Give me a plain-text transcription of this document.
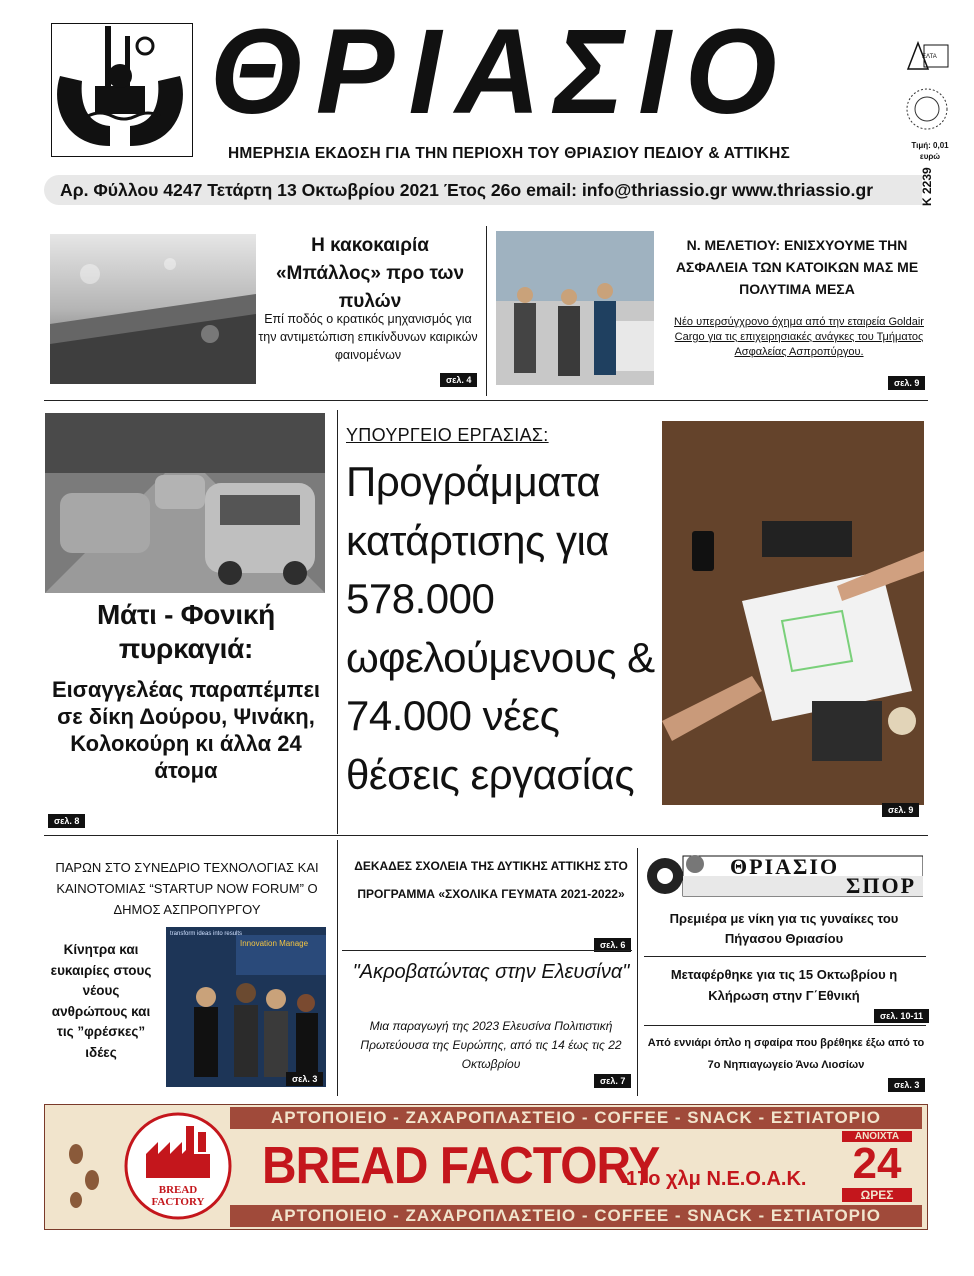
ΘΡΙΑΣΙΟ
ΗΜΕΡΗΣΙΑ ΕΚΔΟΣΗ ΓΙΑ ΤΗΝ ΠΕΡΙΟΧΗ ΤΟΥ ΘΡΙΑΣΙΟΥ ΠΕΔΙΟΥ & ΑΤΤΙΚΗΣ
ΕΛΤΑ
Τιμή: 0,01
ευρώ
Αρ. Φύλλου 4247 Τετάρτη 13 Οκτωβρίου 2021 Έτος 26ο email: info@thriassio.gr www.thriassio.gr	Κ 2239
Η κακοκαιρία «Μπάλλος» προ των πυλών
Επί ποδός ο κρατικός μηχανισμός για την αντιμετώπιση επικίνδυνων καιρικών φαινομένων
σελ. 4
Ν. ΜΕΛΕΤΙΟΥ: ΕΝΙΣΧΥΟΥΜΕ ΤΗΝ ΑΣΦΑΛΕΙΑ ΤΩΝ ΚΑΤΟΙΚΩΝ ΜΑΣ ΜΕ ΠΟΛΥΤΙΜΑ ΜΕΣΑ
Νέο υπερσύγχρονο όχημα από την εταιρεία Goldair Cargo για τις επιχειρησιακές ανάγκες του Τμήματος Ασφαλείας Ασπροπύργου.
σελ. 9
Μάτι - Φονική πυρκαγιά:
Εισαγγελέας παραπέμπει σε δίκη Δούρου, Ψινάκη, Κολοκούρη κι άλλα 24 άτομα
σελ. 8
ΥΠΟΥΡΓΕΙΟ ΕΡΓΑΣΙΑΣ:
Προγράμματα κατάρτισης για 578.000 ωφελούμενους & 74.000 νέες θέσεις εργασίας
σελ. 9
ΠΑΡΩΝ ΣΤΟ ΣΥΝΕΔΡΙΟ ΤΕΧΝΟΛΟΓΙΑΣ ΚΑΙ ΚΑΙΝΟΤΟΜΙΑΣ “STARTUP NOW FORUM” Ο ΔΗΜΟΣ ΑΣΠΡΟΠΥΡΓΟΥ
Κίνητρα και ευκαιρίες στους νέους ανθρώπους και τις ”φρέσκες” ιδέες
Innovation Manage
transform ideas into results
σελ. 3
ΔΕΚΑΔΕΣ ΣΧΟΛΕΙΑ ΤΗΣ ΔΥΤΙΚΗΣ ΑΤΤΙΚΗΣ ΣΤΟ ΠΡΟΓΡΑΜΜΑ «ΣΧΟΛΙΚΑ ΓΕΥΜΑΤΑ 2021-2022»
σελ. 6
"Ακροβατώντας στην Ελευσίνα"
Μια παραγωγή της 2023 Ελευσίνα Πολιτιστική Πρωτεύουσα της Ευρώπης, από τις 14 έως τις 22 Οκτωβρίου
σελ. 7
ΘΡΙΑΣΙΟ
ΣΠΟΡ
Πρεμιέρα με νίκη για τις γυναίκες του Πήγασου Θριασίου
Μεταφέρθηκε για τις 15 Οκτωβρίου η Κλήρωση στην Γ΄Εθνική
σελ. 10-11
Από εννιάρι όπλο η σφαίρα που βρέθηκε έξω από το 7ο Νηπιαγωγείο Άνω Λιοσίων
σελ. 3
ΑΡΤΟΠΟΙΕΙΟ - ΖΑΧΑΡΟΠΛΑΣΤΕΙΟ - COFFEE - SNACK - ΕΣΤΙΑΤΟΡΙΟ
ΑΡΤΟΠΟΙΕΙΟ - ΖΑΧΑΡΟΠΛΑΣΤΕΙΟ - COFFEE - SNACK - ΕΣΤΙΑΤΟΡΙΟ
BREAD
FACTORY
BREAD FACTORY
17ο χλμ Ν.Ε.Ο.Α.Κ.
ΑΝΟΙΧΤΑ
24
ΩΡΕΣ
